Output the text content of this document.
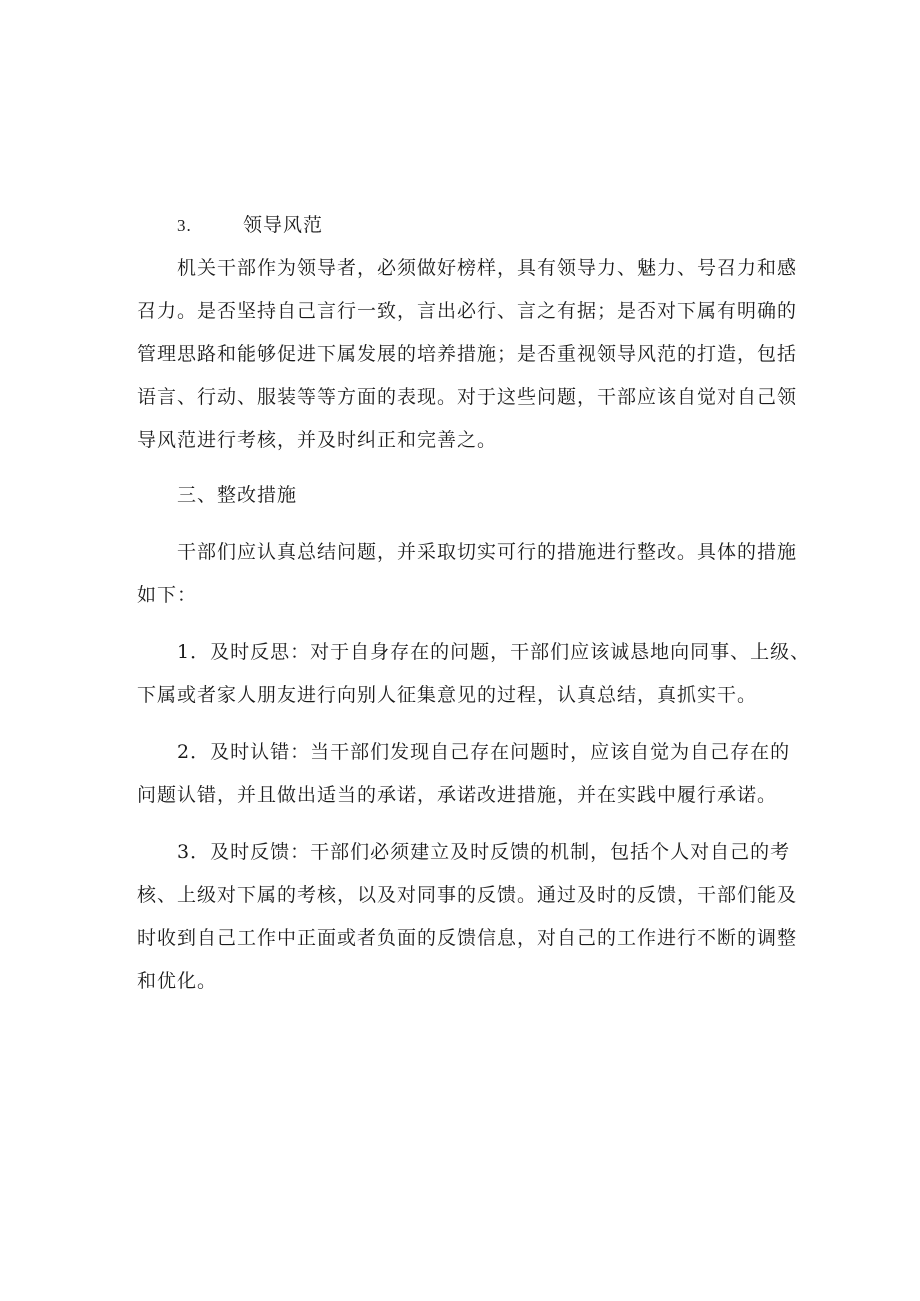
3.	领导风范
机关干部作为领导者，必须做好榜样，具有领导力、魅力、号召力和感
召力。是否坚持自己言行一致，言出必行、言之有据；是否对下属有明确的
管理思路和能够促进下属发展的培养措施；是否重视领导风范的打造，包括
语言、行动、服装等等方面的表现。对于这些问题，干部应该自觉对自己领
导风范进行考核，并及时纠正和完善之。
三、整改措施
干部们应认真总结问题，并采取切实可行的措施进行整改。具体的措施
如下：
1．及时反思：对于自身存在的问题，干部们应该诚恳地向同事、上级、
下属或者家人朋友进行向别人征集意见的过程，认真总结，真抓实干。
2．及时认错：当干部们发现自己存在问题时，应该自觉为自己存在的
问题认错，并且做出适当的承诺，承诺改进措施，并在实践中履行承诺。
3．及时反馈：干部们必须建立及时反馈的机制，包括个人对自己的考
核、上级对下属的考核，以及对同事的反馈。通过及时的反馈，干部们能及
时收到自己工作中正面或者负面的反馈信息，对自己的工作进行不断的调整
和优化。
